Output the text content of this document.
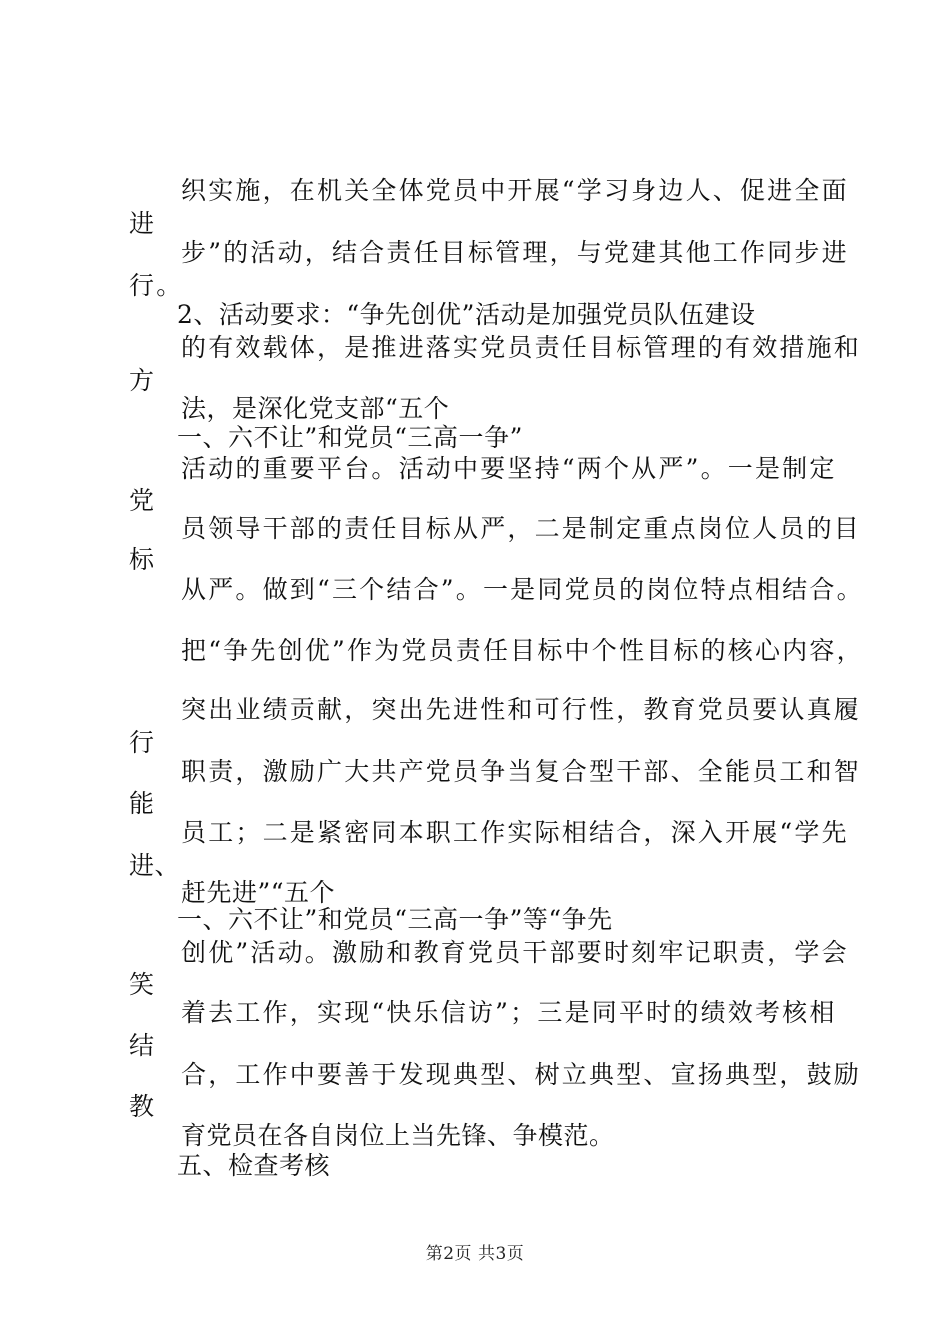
织实施，在机关全体党员中开展“学习身边人、促进全面
进
步”的活动，结合责任目标管理，与党建其他工作同步进
行。
2、活动要求：“争先创优”活动是加强党员队伍建设
的有效载体，是推进落实党员责任目标管理的有效措施和
方
法，是深化党支部“五个
一、六不让”和党员“三高一争”
活动的重要平台。活动中要坚持“两个从严”。一是制定
党
员领导干部的责任目标从严，二是制定重点岗位人员的目
标
从严。做到“三个结合”。一是同党员的岗位特点相结合。
把“争先创优”作为党员责任目标中个性目标的核心内容，
突出业绩贡献，突出先进性和可行性，教育党员要认真履
行
职责，激励广大共产党员争当复合型干部、全能员工和智
能
员工；二是紧密同本职工作实际相结合，深入开展“学先
进、
赶先进”“五个
一、六不让”和党员“三高一争”等“争先
创优”活动。激励和教育党员干部要时刻牢记职责，学会
笑
着去工作，实现“快乐信访”；三是同平时的绩效考核相
结
合，工作中要善于发现典型、树立典型、宣扬典型，鼓励
教
育党员在各自岗位上当先锋、争模范。
五、检查考核
第2页 共3页
